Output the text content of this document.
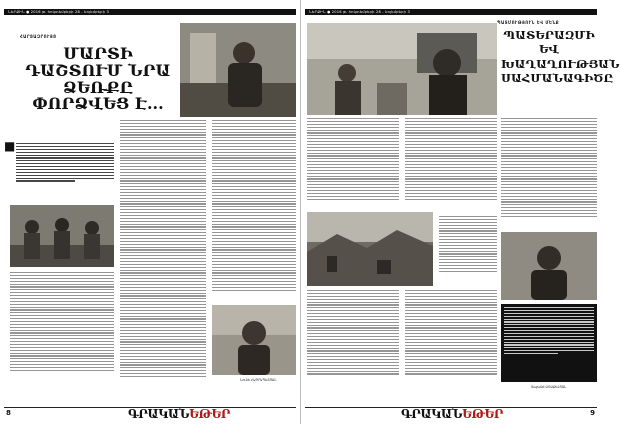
ՆԵՐՔԻՆ ● 2016 թ. հոկտեմբերի 28 - նոյեմբերի 3
ՀԱՐՑԱԶՐՈՒՅՑ
ՄԱՐՏԻ ԴԱՇՏՈՒՄ ՆՐԱ ՁԵՌՔԸ ՓՈՐՁՎԵՑ Է...
■
Նունե ՀԱՅՐԱՊԵՏՅԱՆ
8	ԳՐԱԿԱՆԵԹԵՐ
ՆԵՐՔԻՆ ● 2016 թ. հոկտեմբերի 28 - նոյեմբերի 3
ՊԱՏՄՈՒԹՅՈՒՆ ԵՎ ՄԵՆՔ
ՊԱՏԵՐԱԶՄԻ ԵՎ ԽԱՂԱՂՈՒԹՅԱՆ ՍԱՀՄԱՆԱԳԻԾԸ
Գայանե ԱՌԱՔԵԼՅԱՆ
9
ԳՐԱԿԱՆԵԹԵՐ
